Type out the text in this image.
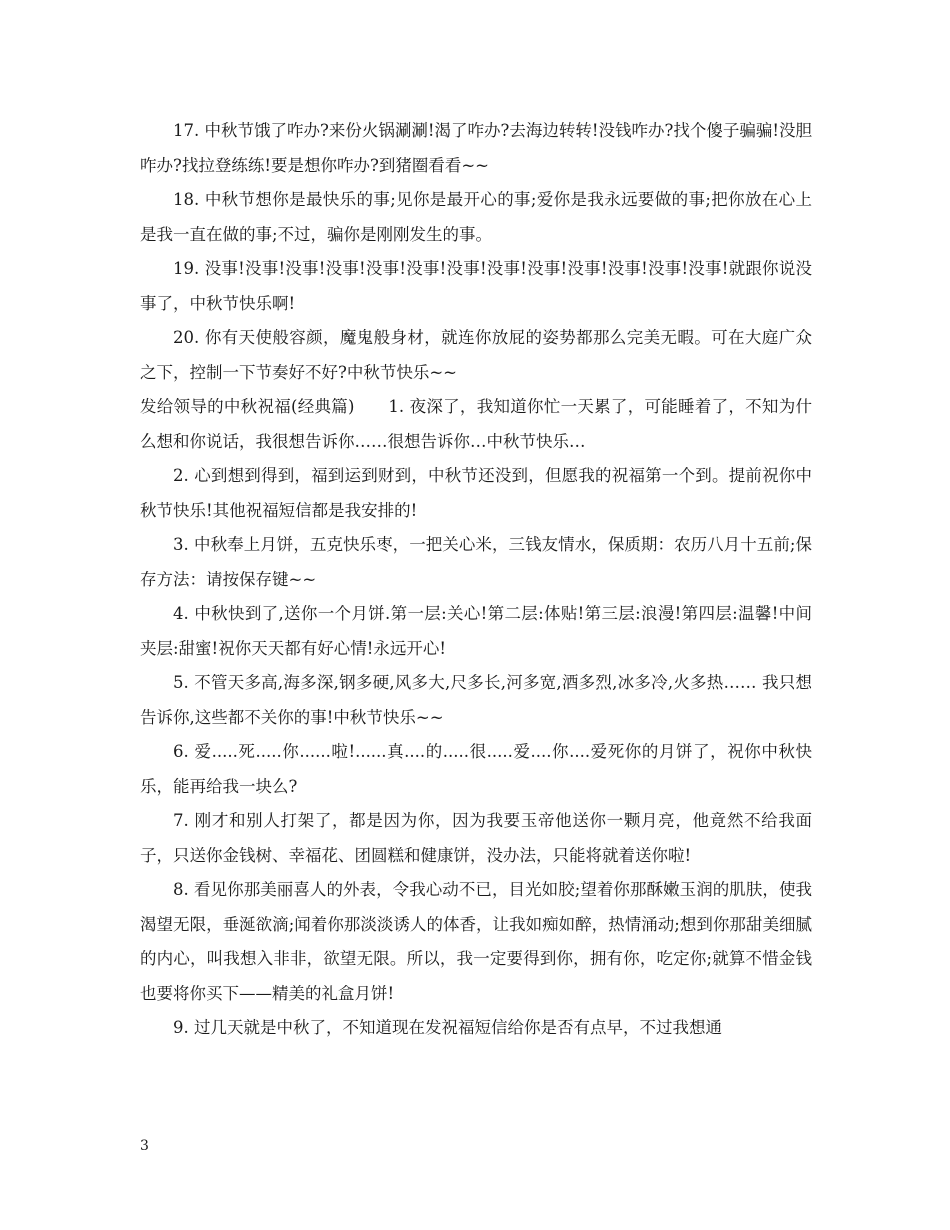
17. 中秋节饿了咋办?来份火锅涮涮!渴了咋办?去海边转转!没钱咋办?找个傻子骗骗!没胆咋办?找拉登练练!要是想你咋办?到猪圈看看~~

18. 中秋节想你是最快乐的事;见你是最开心的事;爱你是我永远要做的事;把你放在心上是我一直在做的事;不过，骗你是刚刚发生的事。

19. 没事!没事!没事!没事!没事!没事!没事!没事!没事!没事!没事!没事!没事!就跟你说没事了，中秋节快乐啊!

20. 你有天使般容颜，魔鬼般身材，就连你放屁的姿势都那么完美无暇。可在大庭广众之下，控制一下节奏好不好?中秋节快乐~~

发给领导的中秋祝福(经典篇)　　1. 夜深了，我知道你忙一天累了，可能睡着了，不知为什么想和你说话，我很想告诉你……很想告诉你…中秋节快乐…

2. 心到想到得到，福到运到财到，中秋节还没到，但愿我的祝福第一个到。提前祝你中秋节快乐!其他祝福短信都是我安排的!

3. 中秋奉上月饼，五克快乐枣，一把关心米，三钱友情水，保质期：农历八月十五前;保存方法：请按保存键~~

4. 中秋快到了,送你一个月饼.第一层:关心!第二层:体贴!第三层:浪漫!第四层:温馨!中间夹层:甜蜜!祝你天天都有好心情!永远开心!

5. 不管天多高,海多深,钢多硬,风多大,尺多长,河多宽,酒多烈,冰多冷,火多热…… 我只想告诉你,这些都不关你的事!中秋节快乐~~

6. 爱.....死.....你......啦!......真....的.....很.....爱....你....爱死你的月饼了，祝你中秋快乐，能再给我一块么?

7. 刚才和别人打架了，都是因为你，因为我要玉帝他送你一颗月亮，他竟然不给我面子，只送你金钱树、幸福花、团圆糕和健康饼，没办法，只能将就着送你啦!

8. 看见你那美丽喜人的外表，令我心动不已，目光如胶;望着你那酥嫩玉润的肌肤，使我渴望无限，垂涎欲滴;闻着你那淡淡诱人的体香，让我如痴如醉，热情涌动;想到你那甜美细腻的内心，叫我想入非非，欲望无限。所以，我一定要得到你，拥有你，吃定你;就算不惜金钱也要将你买下——精美的礼盒月饼!

9. 过几天就是中秋了，不知道现在发祝福短信给你是否有点早，不过我想通

3
